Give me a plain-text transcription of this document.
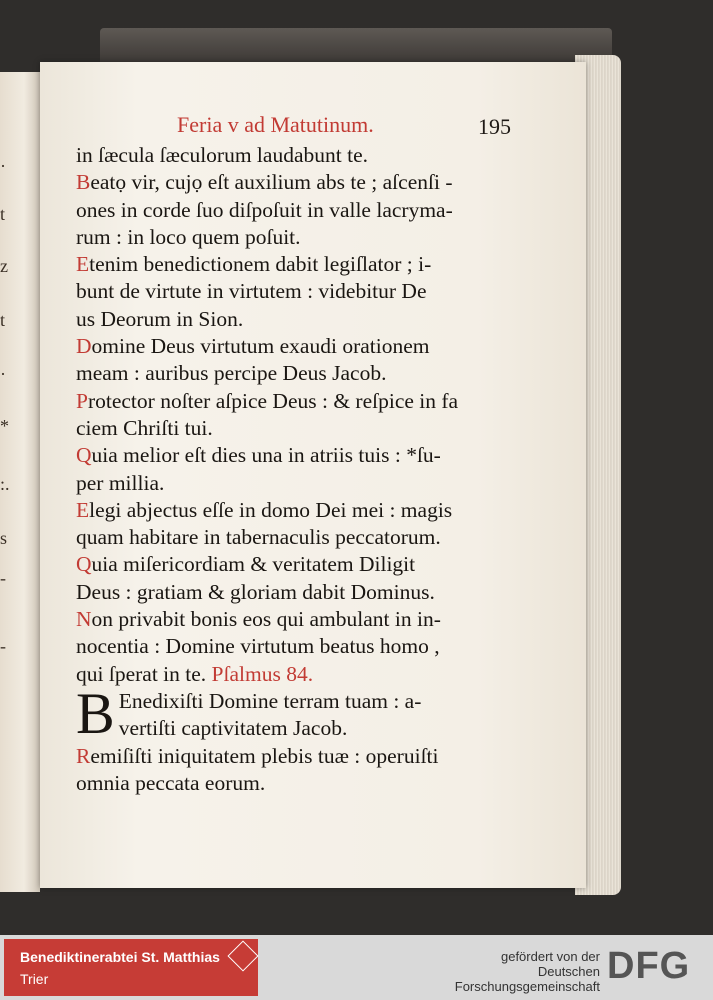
·
t
z
t
·
*
:.
s
-
-
Feria v ad Matutinum.	195
in ſæcula ſæculorum laudabunt te.
Beatọ vir, cujọ eſt auxilium abs te ; aſcenſi -
ones in corde ſuo diſpoſuit in valle lacryma-
rum : in loco quem poſuit.
Etenim benedictionem dabit legiſlator ; i-
bunt de virtute in virtutem : videbitur De
us Deorum in Sion.
Domine Deus virtutum exaudi orationem
meam : auribus percipe Deus Jacob.
Protector noſter aſpice Deus : & reſpice in fa
ciem Chriſti tui.
Quia melior eſt dies una in atriis tuis : *ſu-
per millia.
Elegi abjectus eſſe in domo Dei mei : magis
quam habitare in tabernaculis peccatorum.
Quia miſericordiam & veritatem Diligit
Deus : gratiam & gloriam dabit Dominus.
Non privabit bonis eos qui ambulant in in-
nocentia : Domine virtutum beatus homo ,
qui ſperat in te. Pſalmus 84.
B Enedixiſti Domine terram tuam : a-
vertiſti captivitatem Jacob.
Remiſiſti iniquitatem plebis tuæ : operuiſti
omnia peccata eorum.
Benediktinerabtei St. Matthias
Trier
gefördert von der
Deutschen Forschungsgemeinschaft DFG
